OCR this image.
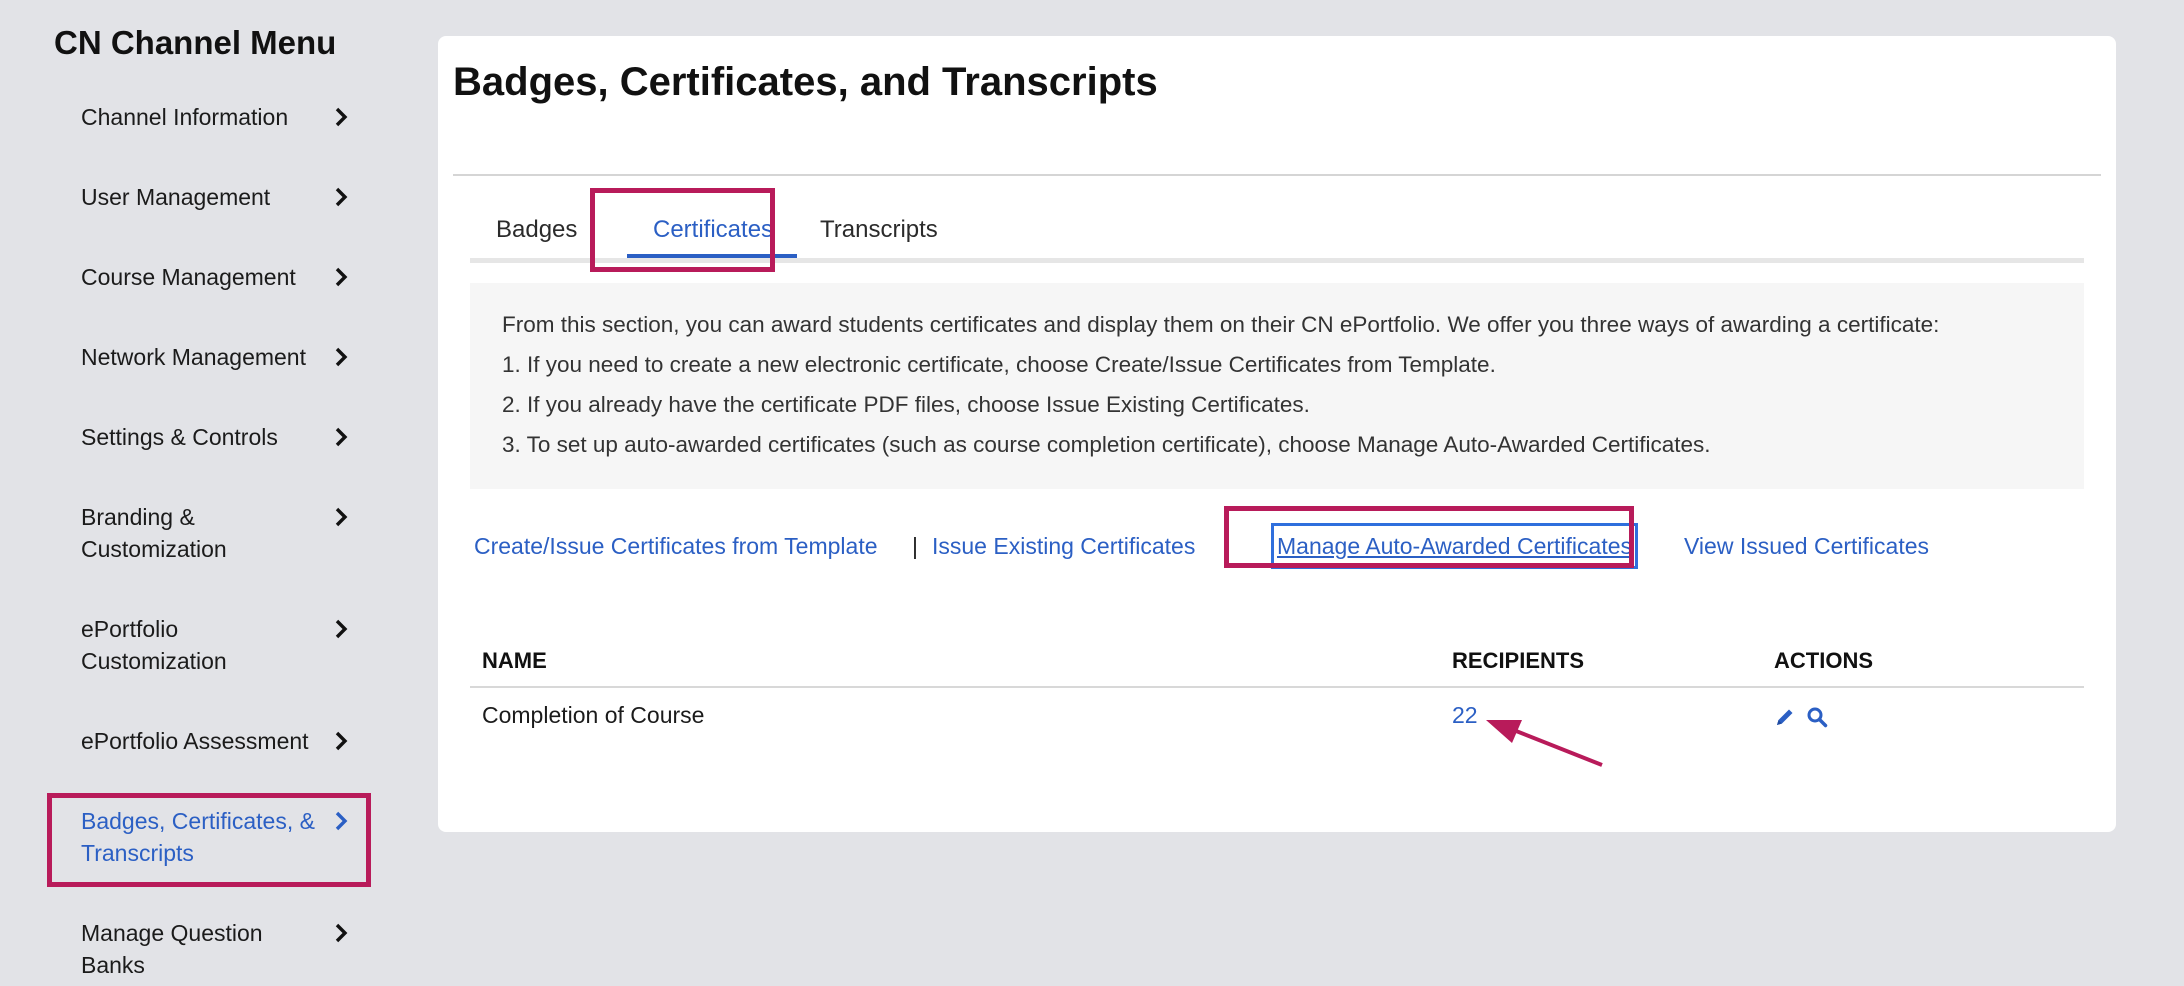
CN Channel Menu
Channel Information
User Management
Course Management
Network Management
Settings & Controls
Branding & Customization
ePortfolio Customization
ePortfolio Assessment
Badges, Certificates, & Transcripts
Manage Question Banks
Badges, Certificates, and Transcripts
Badges	Certificates Transcripts
From this section, you can award students certificates and display them on their CN ePortfolio. We offer you three ways of awarding a certificate:
1. If you need to create a new electronic certificate, choose Create/Issue Certificates from Template.
2. If you already have the certificate PDF files, choose Issue Existing Certificates.
3. To set up auto-awarded certificates (such as course completion certificate), choose Manage Auto-Awarded Certificates.
Create/Issue Certificates from Template | Issue Existing Certificates	Manage Auto-Awarded Certificates View Issued Certificates
NAME	RECIPIENTS	ACTIONS
Completion of Course	22	
